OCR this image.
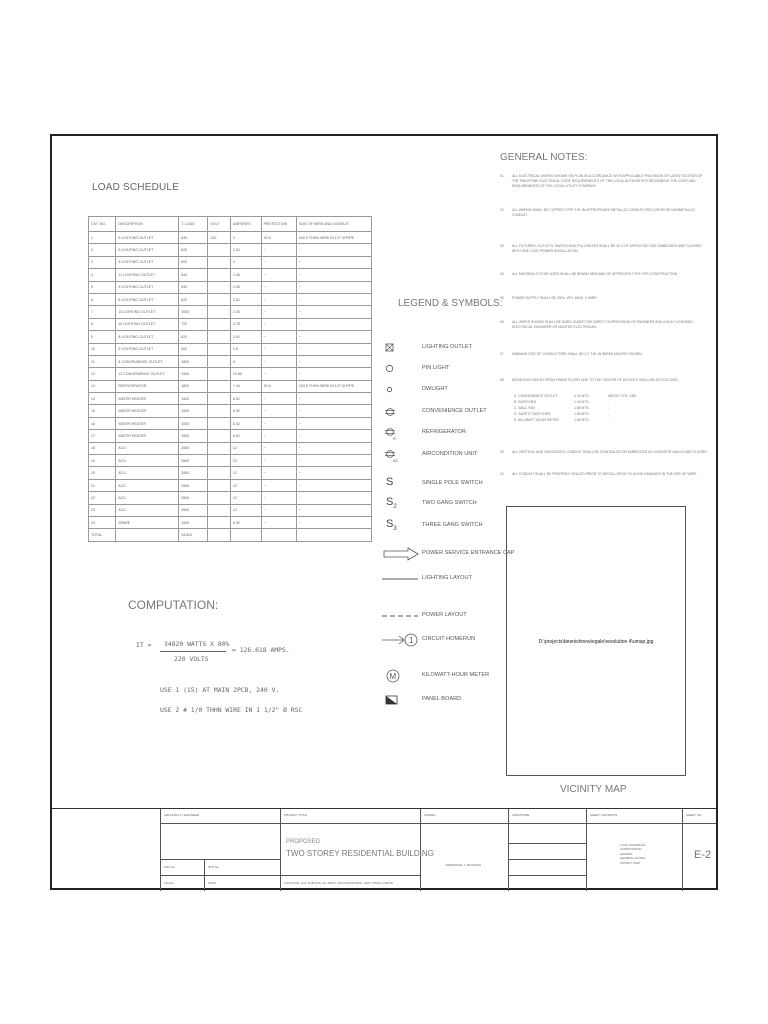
LOAD SCHEDULE
CKT. NO.	DESCRIPTION	T. LOAD	VOLT	AMPERES	PROTECTION	SIZE OF WIRE AND CONDUIT
1	9 LIGHTING OUTLET	640	230	3	20 A	2#2.0 THHN WIRE IN 1/2" Ø PIPE
2	9 LIGHTING OUTLET	620		2.62	~	~
3	9 LIGHTING OUTLET	600		3	~	~
4	11 LIGHTING OUTLET	640		2.46	~	~
5	9 LIGHTING OUTLET	540		2.45	~	~
6	8 LIGHTING OUTLET	620		2.62	~	~
7	10 LIGHTING OUTLET	1000		4.35	~	~
8	10 LIGHTING OUTLET	720		2.78	~	~
9	8 LIGHTING OUTLET	620		2.62	~	~
10	9 LIGHTING OUTLET	600		2.8	~	~
11	8 CONVENIENCE OUTLET	1800		8	~	~
12	12 CONVENIENCE OUTLET	2260		10.86	~	~
13	REFRIGERATOR	1800		7.44	30 A	2#3.5 THHN WIRE IN 1/2" Ø PIPE
14	WATER HEATER	1500		6.52	~	~
15	WATER HEATER	1500		6.52	~	~
16	WATER HEATER	1500		6.52	~	~
17	WATER HEATER	1500		6.52	~	~
18	ACU	2660		12	~	~
19	ACU	2660		12	~	~
20	ACU	2660		12	~	~
21	ACU	2660		12	~	~
22	ACU	2660		12	~	~
23	ACU	2660		12	~	~
24	SPARE	1500		6.52	~	~
TOTAL		34,820				
COMPUTATION:
IT = 34820 WATTS X 80%
220 VOLTS
= 126.618 AMPS.
USE 1 (15) AT MAIN 2PCB, 240 V.
USE 2 # 1/0 THHN WIRE IN 1 1/2" Ø RSC
LEGEND & SYMBOLS:
LIGHTING OUTLET
PIN LIGHT
DWLIGHT
CONVENIENCE OUTLET
R
REFRIGERATOR
AC
AIRCONDITION UNIT
S	SINGLE POLE SWITCH
$S_2$
TWO GANG SWITCH
$S_3$
THREE GANG SWITCH
POWER SERVICE ENTRANCE CAP
LIGHTING LAYOUT
POWER LAYOUT
1 CIRCUIT HOMERUN
M	KILOWATT-HOUR METER
PANEL BOARD
GENERAL NOTES:
01. ALL ELECTRICAL WORKS SHOWN ON PLAN IS ACCORDANCE WITH APPLICABLE PROVISION OF LATEST EDITION OF THE PHILIPPINE ELECTRICAL CODE REQUIREMENTS OF THE LOCAL AUTHORITIES REGARDING THE CODE AND REQUIREMENTS OF THE LOCAL UTILITY COMPANY.
02. ALL WIRING SHALL BE COPPER TYPE T.W. IN APPROPRIATE METALLIC CONDUIT (RSC) OR RIGID NONMETALLIC CONDUIT.
03. ALL FIXTURES, OUTLETS, SWITCH AND PULL BOXES SHALL BE 4X 4 OF APPROVED SIZE EMBEDDED AND FLUSHED WITH ONE COAT PRIMER INSTALLATION.
04. ALL MATERIALS TO BE USED SHALL BE BRAND NEW AND OF APPROVED TYPE FOR CONSTRUCTION.
05. POWER SUPPLY SHALL BE 230V, 1PH, 60HZ, 2 WIRE.
06. ALL WIRES SHOWN SHALL BE SIZED UNDER THE DIRECT SUPERVISION OF ENGINEER AND A DULY LICENSED ELECTRICAL ENGINEER OR MASTER ELECTRICIAN.
07. MINIMUM SIZE OF CONDUCTORS SHALL BE 2.0 T.W. IN WIRES UNLESS SHOWN.
08. MOUNTING HEIGHT FROM FINISH FLOOR LINE TO THE CENTER OF DEVICES SHALL BE AS FOLLOWS:
09. ALL VERTICAL AND HORIZONTAL CONDUIT SHALL BE CONCEALED OR EMBEDDED IN CONCRETE WALLS AND FLOORS.
10. ALL CONDUIT SHALL BE PROPERLY SEALED PRIOR TO INSTALLATION TO AVOID DAMAGES IN THE USE OF WIRE.
A. CONVENIENCE OUTLET	0.30 MTS.	ABOVE FLR. LINE
B. SWITCHES	1.40 MTS.	-
C. WALL FAN	1.80 MTS.	-
D. SAFETY SWITCHES	1.80 MTS.	-
E. KILOWATT HOUR METER	1.80 MTS.	-
D:\projects\beenishnew\egale\resolution 4\umap.jpg
VICINITY MAP
ARCHITECT / ENGINEER	PROJECT TITLE	OWNER	SIGNATURE	SHEET CONTENTS	SHEET NO.
PROPOSED
TWO STOREY RESIDENTIAL BUILDING
LOCATION: LOT 11 BLOCK 4A, BRGY. SAN FRANCISCO, GEN. TRIAS, CAVITE
EMMANUEL L. BAYANAN
PRC No.	PTR No.
TIN No.	DATE
LOAD SCHEDULE
COMPUTATION
LEGEND
GENERAL NOTES
VICINITY MAP
E-2
